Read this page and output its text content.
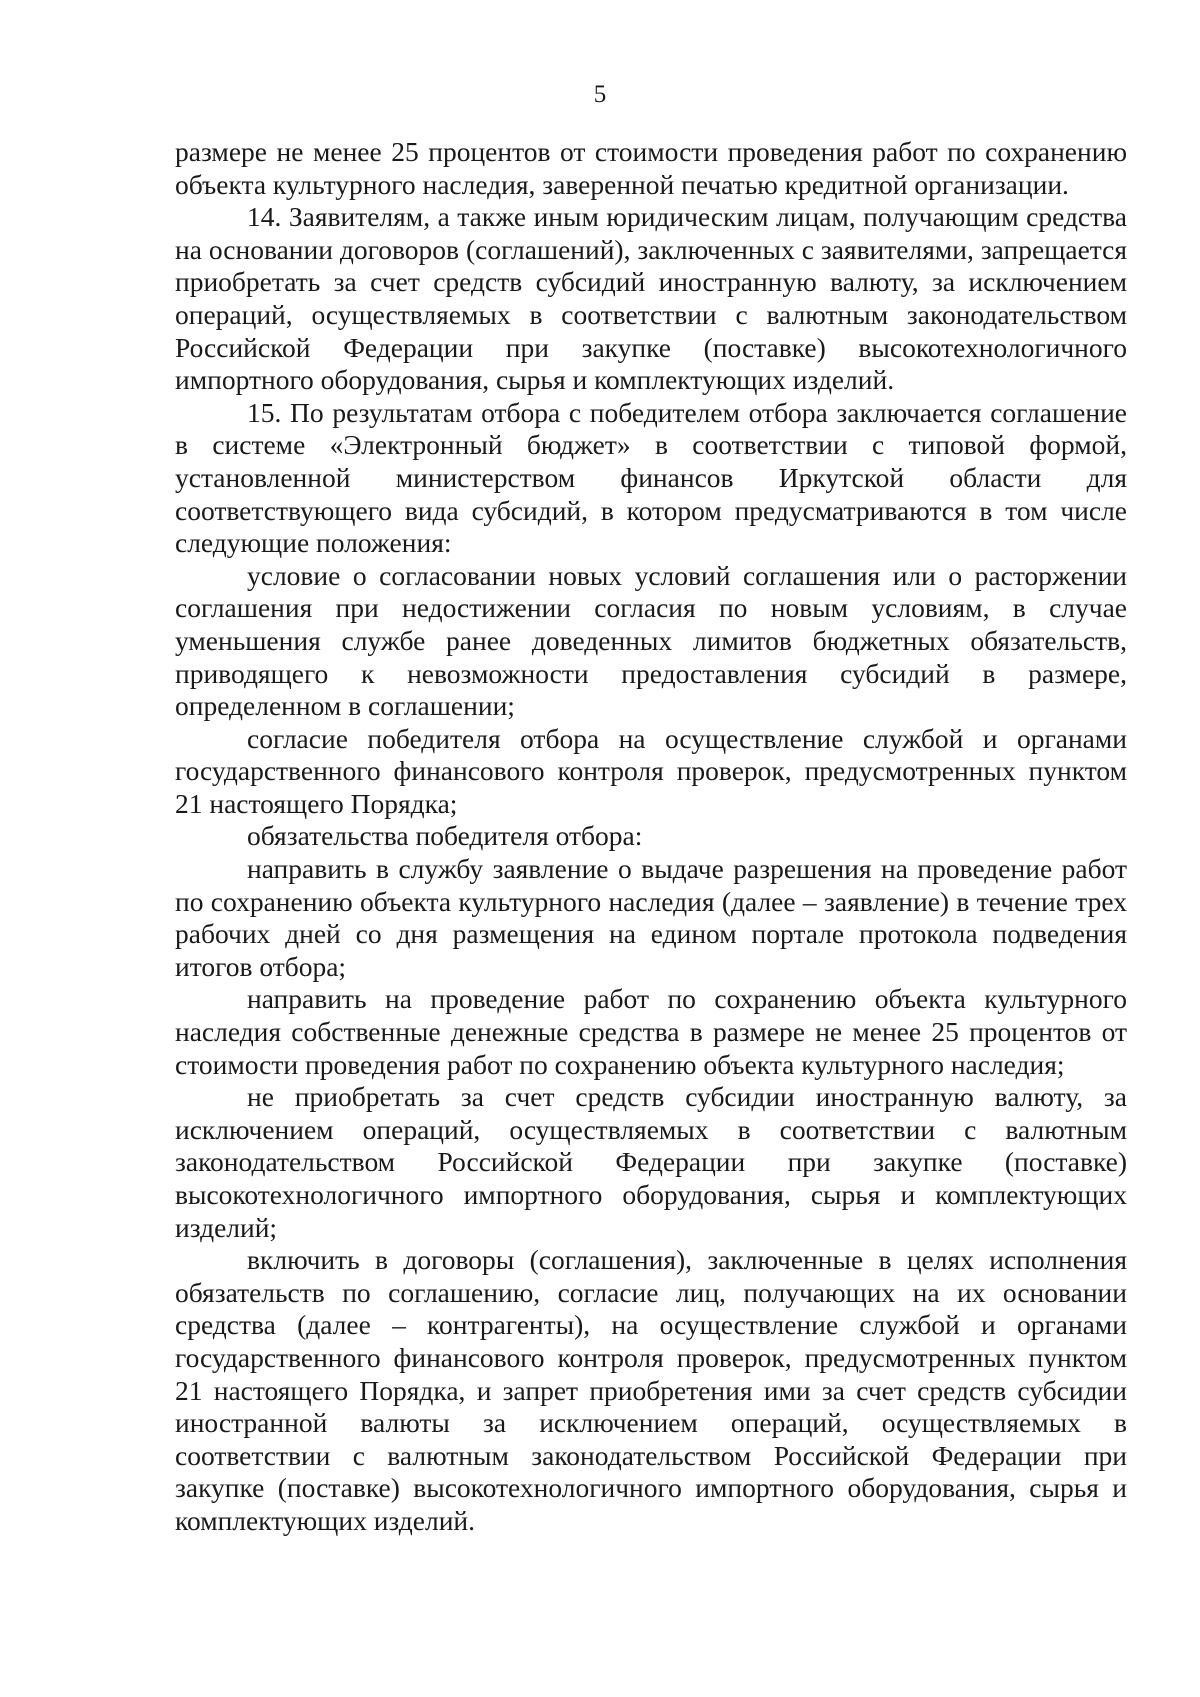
5

размере не менее 25 процентов от стоимости проведения работ по сохранению объекта культурного наследия, заверенной печатью кредитной организации.

14. Заявителям, а также иным юридическим лицам, получающим средства на основании договоров (соглашений), заключенных с заявителями, запрещается приобретать за счет средств субсидий иностранную валюту, за исключением операций, осуществляемых в соответствии с валютным законодательством Российской Федерации при закупке (поставке) высокотехнологичного импортного оборудования, сырья и комплектующих изделий.

15. По результатам отбора с победителем отбора заключается соглашение в системе «Электронный бюджет» в соответствии с типовой формой, установленной министерством финансов Иркутской области для соответствующего вида субсидий, в котором предусматриваются в том числе следующие положения:

условие о согласовании новых условий соглашения или о расторжении соглашения при недостижении согласия по новым условиям, в случае уменьшения службе ранее доведенных лимитов бюджетных обязательств, приводящего к невозможности предоставления субсидий в размере, определенном в соглашении;

согласие победителя отбора на осуществление службой и органами государственного финансового контроля проверок, предусмотренных пунктом 21 настоящего Порядка;

обязательства победителя отбора:

направить в службу заявление о выдаче разрешения на проведение работ по сохранению объекта культурного наследия (далее – заявление) в течение трех рабочих дней со дня размещения на едином портале протокола подведения итогов отбора;

направить на проведение работ по сохранению объекта культурного наследия собственные денежные средства в размере не менее 25 процентов от стоимости проведения работ по сохранению объекта культурного наследия;

не приобретать за счет средств субсидии иностранную валюту, за исключением операций, осуществляемых в соответствии с валютным законодательством Российской Федерации при закупке (поставке) высокотехнологичного импортного оборудования, сырья и комплектующих изделий;

включить в договоры (соглашения), заключенные в целях исполнения обязательств по соглашению, согласие лиц, получающих на их основании средства (далее – контрагенты), на осуществление службой и органами государственного финансового контроля проверок, предусмотренных пунктом 21 настоящего Порядка, и запрет приобретения ими за счет средств субсидии иностранной валюты за исключением операций, осуществляемых в соответствии с валютным законодательством Российской Федерации при закупке (поставке) высокотехнологичного импортного оборудования, сырья и комплектующих изделий.
